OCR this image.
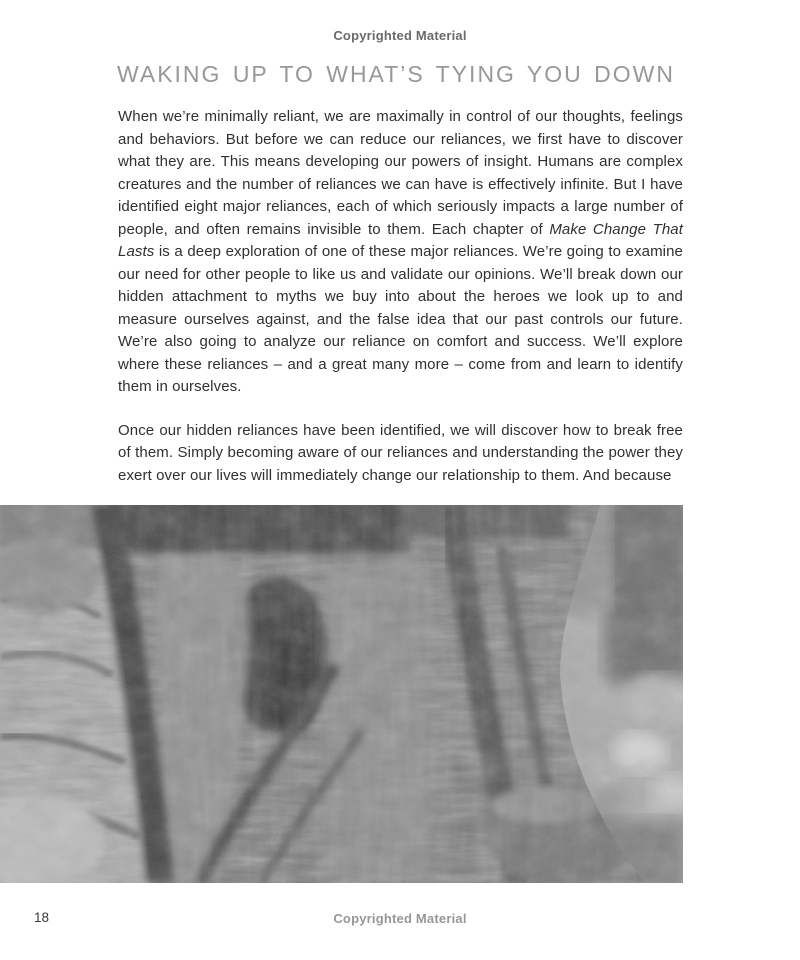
Copyrighted Material
WAKING UP TO WHAT’S TYING YOU DOWN

When we’re minimally reliant, we are maximally in control of our thoughts, feelings and behaviors. But before we can reduce our reliances, we first have to discover what they are. This means developing our powers of insight. Humans are complex creatures and the number of reliances we can have is effectively infinite. But I have identified eight major reliances, each of which seriously impacts a large number of people, and often remains invisible to them. Each chapter of Make Change That Lasts is a deep exploration of one of these major reliances. We’re going to examine our need for other people to like us and validate our opinions. We’ll break down our hidden attachment to myths we buy into about the heroes we look up to and measure ourselves against, and the false idea that our past controls our future. We’re also going to analyze our reliance on comfort and success. We’ll explore where these reliances – and a great many more – come from and learn to identify them in ourselves.

Once our hidden reliances have been identified, we will discover how to break free of them. Simply becoming aware of our reliances and understanding the power they exert over our lives will immediately change our relationship to them. And because

18	Copyrighted Material
